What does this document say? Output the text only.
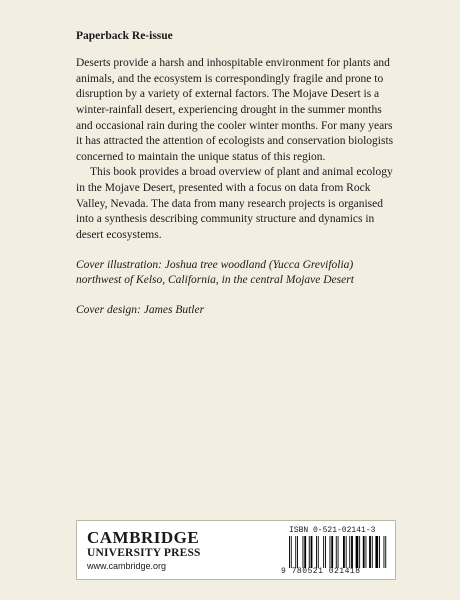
Paperback Re-issue

Deserts provide a harsh and inhospitable environment for plants and animals, and the ecosystem is correspondingly fragile and prone to disruption by a variety of external factors. The Mojave Desert is a winter-rainfall desert, experiencing drought in the summer months and occasional rain during the cooler winter months. For many years it has attracted the attention of ecologists and conservation biologists concerned to maintain the unique status of this region.

This book provides a broad overview of plant and animal ecology in the Mojave Desert, presented with a focus on data from Rock Valley, Nevada. The data from many research projects is organised into a synthesis describing community structure and dynamics in desert ecosystems.

Cover illustration: Joshua tree woodland (Yucca Grevifolia) northwest of Kelso, California, in the central Mojave Desert

Cover design: James Butler

CAMBRIDGE
UNIVERSITY PRESS
www.cambridge.org
ISBN 0-521-02141-3
9 780521 021418
